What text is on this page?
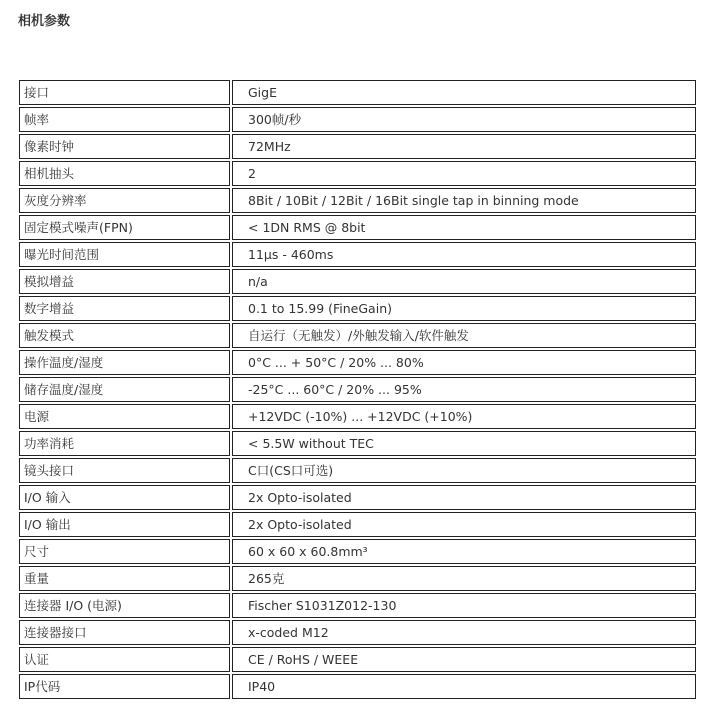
相机参数
接口	GigE
帧率	300帧/秒
像素时钟	72MHz
相机抽头	2
灰度分辨率	8Bit / 10Bit / 12Bit / 16Bit single tap in binning mode
固定模式噪声(FPN)	< 1DN RMS @ 8bit
曝光时间范围	11μs - 460ms
模拟增益	n/a
数字增益	0.1 to 15.99 (FineGain)
触发模式	自运行（无触发）/外触发输入/软件触发
操作温度/湿度	0°C ... + 50°C / 20% ... 80%
储存温度/湿度	-25°C ... 60°C / 20% ... 95%
电源	+12VDC (-10%) ... +12VDC (+10%)
功率消耗	< 5.5W without TEC
镜头接口	C口(CS口可选)
I/O 输入	2x Opto-isolated
I/O 输出	2x Opto-isolated
尺寸	60 x 60 x 60.8mm³
重量	265克
连接器 I/O (电源)	Fischer S1031Z012-130
连接器接口	x-coded M12
认证	CE / RoHS / WEEE
IP代码	IP40
